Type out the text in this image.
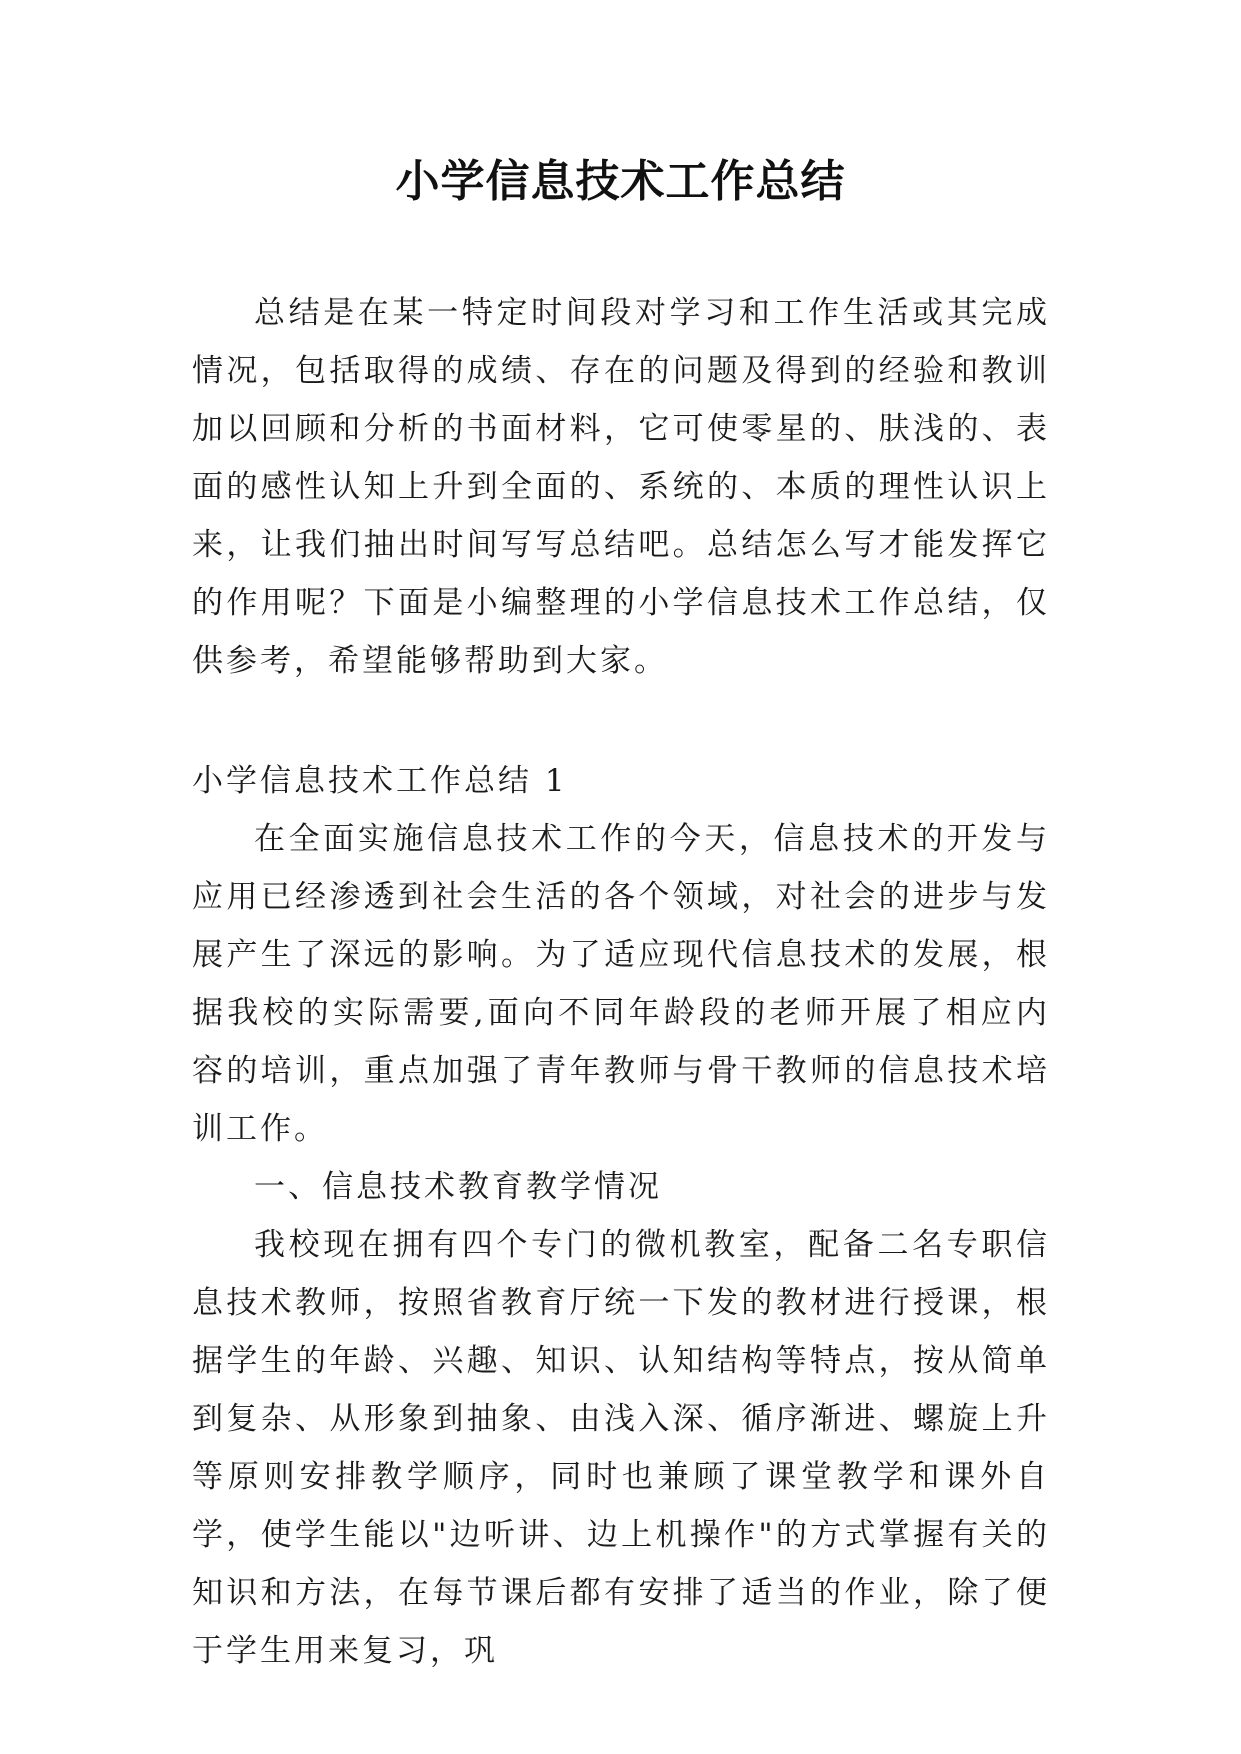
小学信息技术工作总结

总结是在某一特定时间段对学习和工作生活或其完成情况，包括取得的成绩、存在的问题及得到的经验和教训加以回顾和分析的书面材料，它可使零星的、肤浅的、表面的感性认知上升到全面的、系统的、本质的理性认识上来，让我们抽出时间写写总结吧。总结怎么写才能发挥它的作用呢？下面是小编整理的小学信息技术工作总结，仅供参考，希望能够帮助到大家。

小学信息技术工作总结 1

在全面实施信息技术工作的今天，信息技术的开发与应用已经渗透到社会生活的各个领域，对社会的进步与发展产生了深远的影响。为了适应现代信息技术的发展，根据我校的实际需要,面向不同年龄段的老师开展了相应内容的培训，重点加强了青年教师与骨干教师的信息技术培训工作。

一、信息技术教育教学情况

我校现在拥有四个专门的微机教室，配备二名专职信息技术教师，按照省教育厅统一下发的教材进行授课，根据学生的年龄、兴趣、知识、认知结构等特点，按从简单到复杂、从形象到抽象、由浅入深、循序渐进、螺旋上升等原则安排教学顺序，同时也兼顾了课堂教学和课外自学，使学生能以"边听讲、边上机操作"的方式掌握有关的知识和方法，在每节课后都有安排了适当的作业，除了便于学生用来复习，巩
